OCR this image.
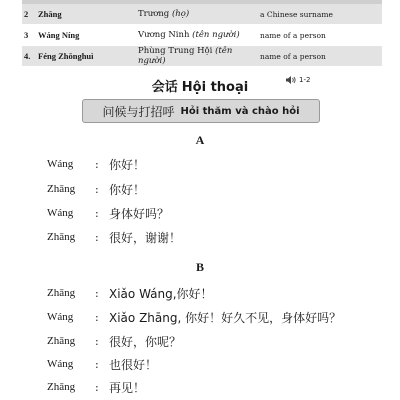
2	Zhāng	Trương (họ)	a Chinese surname
3	Wáng Níng	Vương Ninh (tên người)	name of a person
4. Féng Zhōnghuì	Phùng Trung Hội (tên người)	name of a person
会话 Hội thoại	1-2
问候与打招呼 Hỏi thăm và chào hỏi
A
Wáng	: 你好！
Zhāng	: 你好！
Wáng	: 身体好吗？
Zhāng	: 很好，谢谢！
B
Zhāng	: Xiǎo Wáng,你好！
Wáng	: Xiǎo Zhāng, 你好！好久不见，身体好吗？
Zhāng	: 很好，你呢？
Wáng	: 也很好！
Zhāng	: 再见！
